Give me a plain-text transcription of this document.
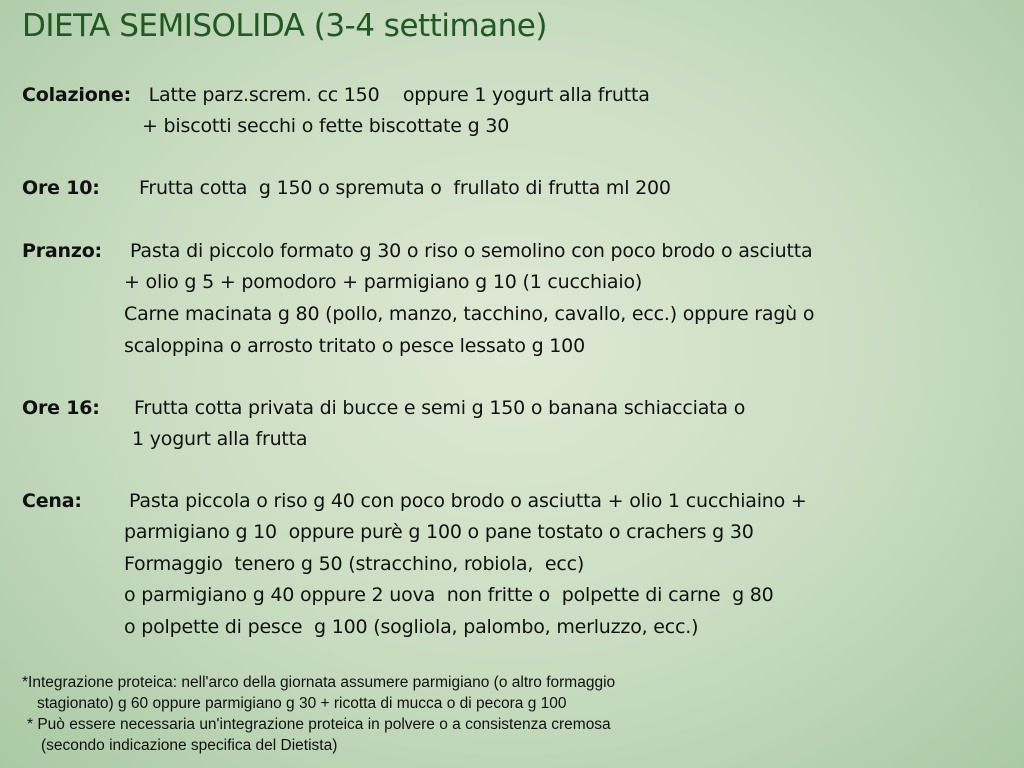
DIETA SEMISOLIDA (3-4 settimane)
Colazione: Latte parz.screm. cc 150    oppure 1 yogurt alla frutta
+ biscotti secchi o fette biscottate g 30
Ore 10: Frutta cotta  g 150 o spremuta o  frullato di frutta ml 200
Pranzo: Pasta di piccolo formato g 30 o riso o semolino con poco brodo o asciutta
+ olio g 5 + pomodoro + parmigiano g 10 (1 cucchiaio)
Carne macinata g 80 (pollo, manzo, tacchino, cavallo, ecc.) oppure ragù o
scaloppina o arrosto tritato o pesce lessato g 100
Ore 16: Frutta cotta privata di bucce e semi g 150 o banana schiacciata o
1 yogurt alla frutta
Cena: Pasta piccola o riso g 40 con poco brodo o asciutta + olio 1 cucchiaino +
parmigiano g 10  oppure purè g 100 o pane tostato o crachers g 30
Formaggio  tenero g 50 (stracchino, robiola,  ecc)
o parmigiano g 40 oppure 2 uova  non fritte o  polpette di carne  g 80
o polpette di pesce  g 100 (sogliola, palombo, merluzzo, ecc.)
*Integrazione proteica: nell'arco della giornata assumere parmigiano (o altro formaggio
stagionato) g 60 oppure parmigiano g 30 + ricotta di mucca o di pecora g 100
* Può essere necessaria un'integrazione proteica in polvere o a consistenza cremosa
(secondo indicazione specifica del Dietista)
